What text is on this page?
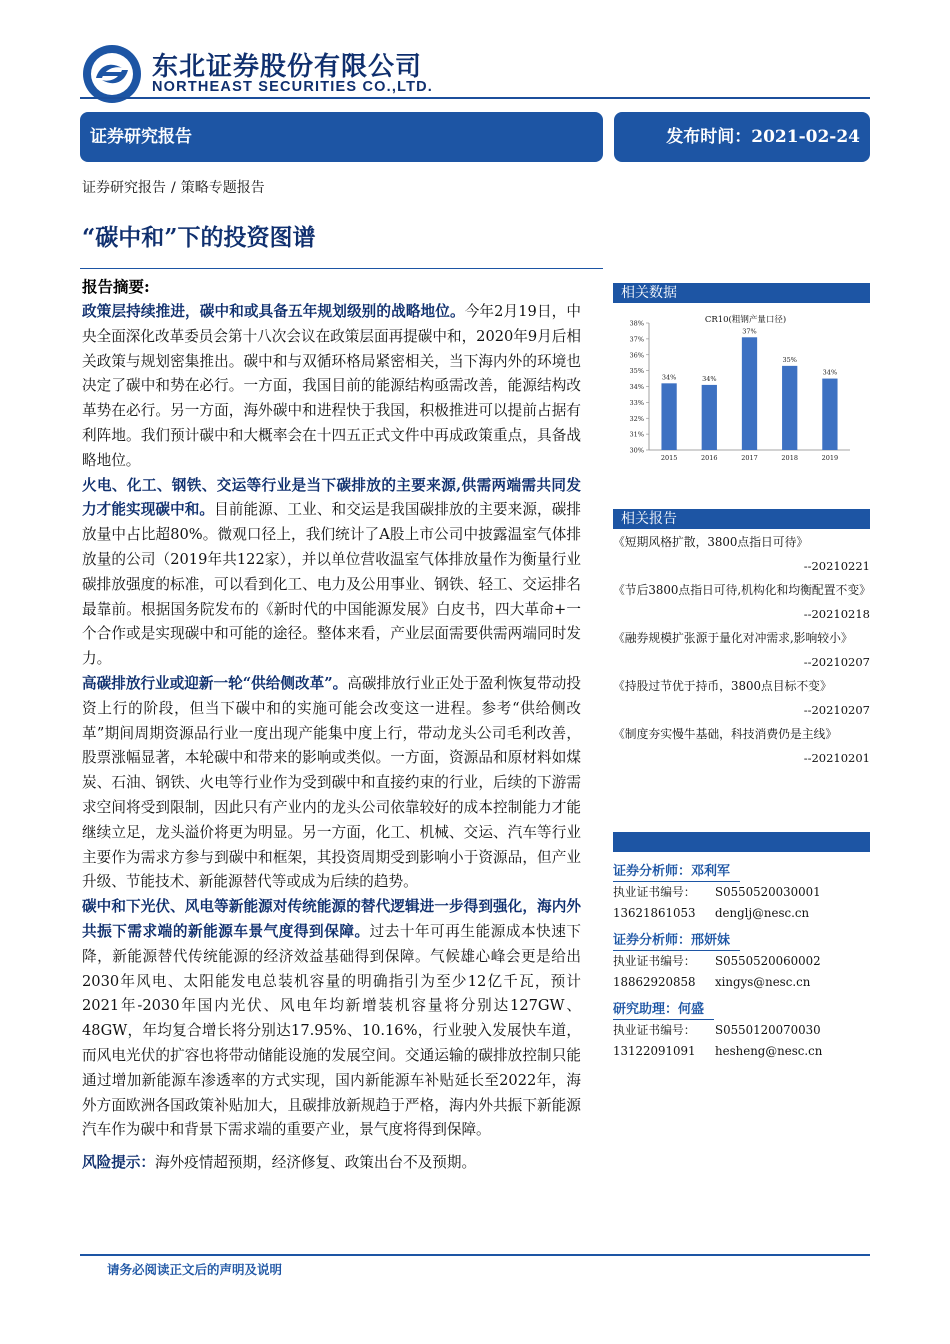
东北证券股份有限公司
NORTHEAST SECURITIES CO.,LTD.
证券研究报告	发布时间：2021-02-24
证券研究报告 / 策略专题报告
“碳中和”下的投资图谱
报告摘要:

政策层持续推进，碳中和或具备五年规划级别的战略地位。今年2月19日，中央全面深化改革委员会第十八次会议在政策层面再提碳中和，2020年9月后相关政策与规划密集推出。碳中和与双循环格局紧密相关，当下海内外的环境也决定了碳中和势在必行。一方面，我国目前的能源结构亟需改善，能源结构改革势在必行。另一方面，海外碳中和进程快于我国，积极推进可以提前占据有利阵地。我们预计碳中和大概率会在十四五正式文件中再成政策重点，具备战略地位。

火电、化工、钢铁、交运等行业是当下碳排放的主要来源,供需两端需共同发力才能实现碳中和。目前能源、工业、和交运是我国碳排放的主要来源，碳排放量中占比超80%。微观口径上，我们统计了A股上市公司中披露温室气体排放量的公司（2019年共122家），并以单位营收温室气体排放量作为衡量行业碳排放强度的标准，可以看到化工、电力及公用事业、钢铁、轻工、交运排名最靠前。根据国务院发布的《新时代的中国能源发展》白皮书，四大革命+一个合作或是实现碳中和可能的途径。整体来看，产业层面需要供需两端同时发力。

高碳排放行业或迎新一轮“供给侧改革”。高碳排放行业正处于盈利恢复带动投资上行的阶段，但当下碳中和的实施可能会改变这一进程。参考“供给侧改革”期间周期资源品行业一度出现产能集中度上行，带动龙头公司毛利改善，股票涨幅显著，本轮碳中和带来的影响或类似。一方面，资源品和原材料如煤炭、石油、钢铁、火电等行业作为受到碳中和直接约束的行业，后续的下游需求空间将受到限制，因此只有产业内的龙头公司依靠较好的成本控制能力才能继续立足，龙头溢价将更为明显。另一方面，化工、机械、交运、汽车等行业主要作为需求方参与到碳中和框架，其投资周期受到影响小于资源品，但产业升级、节能技术、新能源替代等或成为后续的趋势。

碳中和下光伏、风电等新能源对传统能源的替代逻辑进一步得到强化，海内外共振下需求端的新能源车景气度得到保障。过去十年可再生能源成本快速下降，新能源替代传统能源的经济效益基础得到保障。气候雄心峰会更是给出2030年风电、太阳能发电总装机容量的明确指引为至少12亿千瓦，预计2021年-2030年国内光伏、风电年均新增装机容量将分别达127GW、48GW，年均复合增长将分别达17.95%、10.16%，行业驶入发展快车道，而风电光伏的扩容也将带动储能设施的发展空间。交通运输的碳排放控制只能通过增加新能源车渗透率的方式实现，国内新能源车补贴延长至2022年，海外方面欧洲各国政策补贴加大，且碳排放新规趋于严格，海内外共振下新能源汽车作为碳中和背景下需求端的重要产业，景气度将得到保障。

风险提示：海外疫情超预期，经济修复、政策出台不及预期。

相关数据
CR10(粗钢产量口径)
30%
31%
32%
33%
34%
35%
36%
37%
38%
34%
2015
34%
2016
37%
2017
35%
2018
34%
2019
相关报告
《短期风格扩散，3800点指日可待》
--20210221
《节后3800点指日可待,机构化和均衡配置不变》
--20210218
《融券规模扩张源于量化对冲需求,影响较小》
--20210207
《持股过节优于持币，3800点目标不变》
--20210207
《制度夯实慢牛基础，科技消费仍是主线》
--20210201
证券分析师：邓利军
执业证书编号： S0550520030001
13621861053 denglj@nesc.cn
证券分析师：邢妍妹
执业证书编号： S0550520060002
18862920858 xingys@nesc.cn
研究助理：何盛
执业证书编号： S0550120070030
13122091091 hesheng@nesc.cn
请务必阅读正文后的声明及说明
